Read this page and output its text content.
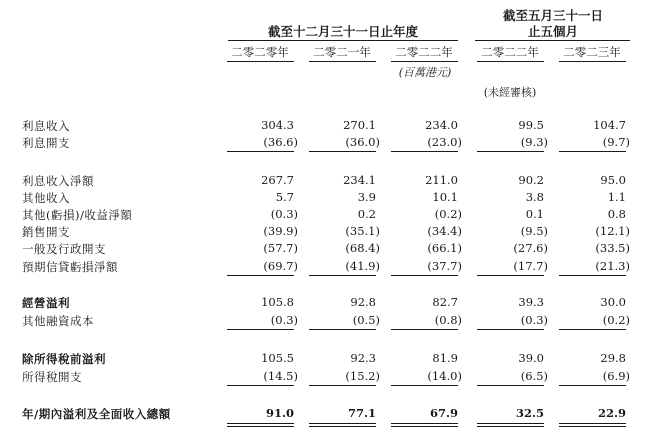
截至十二月三十一日止年度
截至五月三十一日
止五個月
二零二零年	二零二一年	二零二二年	二零二二年	二零二三年
(百萬港元)
(未經審核)
利息收入	304.3	270.1	234.0	99.5	104.7
利息開支	(36.6)	(36.0)	(23.0)	(9.3)	(9.7)
利息收入淨額	267.7	234.1	211.0	90.2	95.0
其他收入	5.7	3.9	10.1	3.8	1.1
其他(虧損)/收益淨額	(0.3)	0.2	(0.2)	0.1	0.8
銷售開支	(39.9)	(35.1)	(34.4)	(9.5)	(12.1)
一般及行政開支	(57.7)	(68.4)	(66.1)	(27.6)	(33.5)
預期信貸虧損淨額	(69.7)	(41.9)	(37.7)	(17.7)	(21.3)
經營溢利	105.8	92.8	82.7	39.3	30.0
其他融資成本	(0.3)	(0.5)	(0.8)	(0.3)	(0.2)
除所得稅前溢利	105.5	92.3	81.9	39.0	29.8
所得稅開支	(14.5)	(15.2)	(14.0)	(6.5)	(6.9)
年/期內溢利及全面收入總額	91.0	77.1	67.9	32.5	22.9
